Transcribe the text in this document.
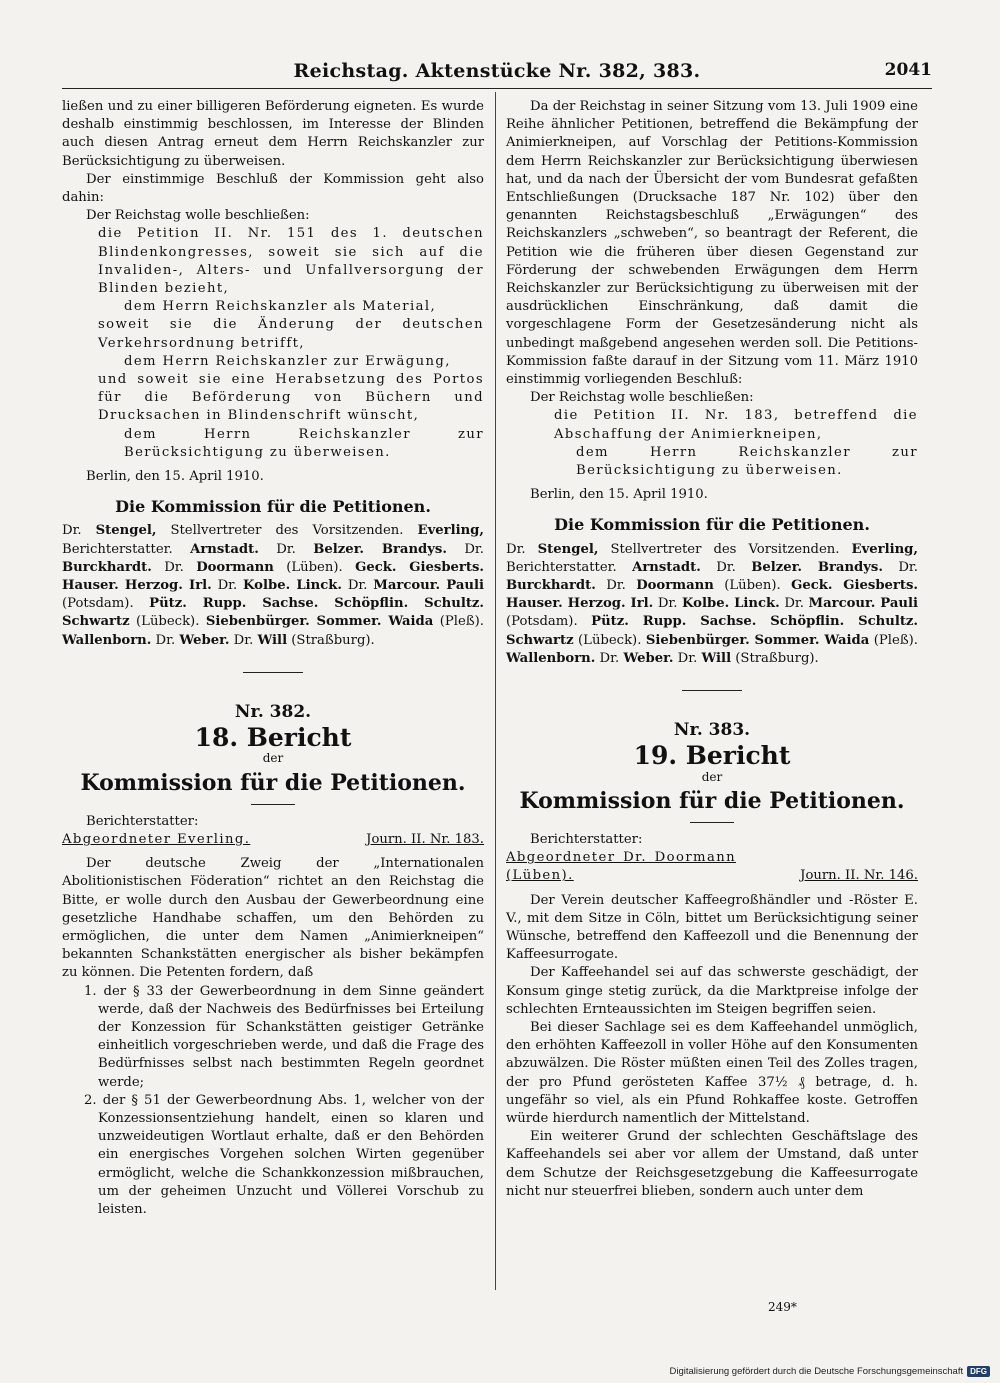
Reichstag. Aktenstücke Nr. 382, 383.	2041

ließen und zu einer billigeren Beförderung eigneten. Es wurde deshalb einstimmig beschlossen, im Interesse der Blinden auch diesen Antrag erneut dem Herrn Reichskanzler zur Berücksichtigung zu überweisen.

Der einstimmige Beschluß der Kommission geht also dahin:

Der Reichstag wolle beschließen:

die Petition II. Nr. 151 des 1. deutschen Blindenkongresses, soweit sie sich auf die Invaliden-, Alters- und Unfallversorgung der Blinden bezieht,

dem Herrn Reichskanzler als Material,

soweit sie die Änderung der deutschen Verkehrsordnung betrifft,

dem Herrn Reichskanzler zur Erwägung,

und soweit sie eine Herabsetzung des Portos für die Beförderung von Büchern und Drucksachen in Blindenschrift wünscht,

dem Herrn Reichskanzler zur Berücksichtigung zu überweisen.

Berlin, den 15. April 1910.

Die Kommission für die Petitionen.

Dr. Stengel, Stellvertreter des Vorsitzenden. Everling, Berichterstatter. Arnstadt. Dr. Belzer. Brandys. Dr. Burckhardt. Dr. Doormann (Lüben). Geck. Giesberts. Hauser. Herzog. Irl. Dr. Kolbe. Linck. Dr. Marcour. Pauli (Potsdam). Pütz. Rupp. Sachse. Schöpflin. Schultz. Schwartz (Lübeck). Siebenbürger. Sommer. Waida (Pleß). Wallenborn. Dr. Weber. Dr. Will (Straßburg).

Nr. 382.
18. Bericht
der
Kommission für die Petitionen.

Berichterstatter:

Abgeordneter Everling.	Journ. II. Nr. 183.

Der deutsche Zweig der „Internationalen Abolitionistischen Föderation“ richtet an den Reichstag die Bitte, er wolle durch den Ausbau der Gewerbeordnung eine gesetzliche Handhabe schaffen, um den Behörden zu ermöglichen, die unter dem Namen „Animierkneipen“ bekannten Schankstätten energischer als bisher bekämpfen zu können. Die Petenten fordern, daß

1. der § 33 der Gewerbeordnung in dem Sinne geändert werde, daß der Nachweis des Bedürfnisses bei Erteilung der Konzession für Schankstätten geistiger Getränke einheitlich vorgeschrieben werde, und daß die Frage des Bedürfnisses selbst nach bestimmten Regeln geordnet werde;

2. der § 51 der Gewerbeordnung Abs. 1, welcher von der Konzessionsentziehung handelt, einen so klaren und unzweideutigen Wortlaut erhalte, daß er den Behörden ein energisches Vorgehen solchen Wirten gegenüber ermöglicht, welche die Schankkonzession mißbrauchen, um der geheimen Unzucht und Völlerei Vorschub zu leisten.

Da der Reichstag in seiner Sitzung vom 13. Juli 1909 eine Reihe ähnlicher Petitionen, betreffend die Bekämpfung der Animierkneipen, auf Vorschlag der Petitions-Kommission dem Herrn Reichskanzler zur Berücksichtigung überwiesen hat, und da nach der Übersicht der vom Bundesrat gefaßten Entschließungen (Drucksache 187 Nr. 102) über den genannten Reichstagsbeschluß „Erwägungen“ des Reichskanzlers „schweben“, so beantragt der Referent, die Petition wie die früheren über diesen Gegenstand zur Förderung der schwebenden Erwägungen dem Herrn Reichskanzler zur Berücksichtigung zu überweisen mit der ausdrücklichen Einschränkung, daß damit die vorgeschlagene Form der Gesetzesänderung nicht als unbedingt maßgebend angesehen werden soll. Die Petitions-Kommission faßte darauf in der Sitzung vom 11. März 1910 einstimmig vorliegenden Beschluß:

Der Reichstag wolle beschließen:

die Petition II. Nr. 183, betreffend die Abschaffung der Animierkneipen,

dem Herrn Reichskanzler zur Berücksichtigung zu überweisen.

Berlin, den 15. April 1910.

Die Kommission für die Petitionen.

Dr. Stengel, Stellvertreter des Vorsitzenden. Everling, Berichterstatter. Arnstadt. Dr. Belzer. Brandys. Dr. Burckhardt. Dr. Doormann (Lüben). Geck. Giesberts. Hauser. Herzog. Irl. Dr. Kolbe. Linck. Dr. Marcour. Pauli (Potsdam). Pütz. Rupp. Sachse. Schöpflin. Schultz. Schwartz (Lübeck). Siebenbürger. Sommer. Waida (Pleß). Wallenborn. Dr. Weber. Dr. Will (Straßburg).

Nr. 383.
19. Bericht
der
Kommission für die Petitionen.

Berichterstatter:

Abgeordneter Dr. Doormann (Lüben).	Journ. II. Nr. 146.

Der Verein deutscher Kaffeegroßhändler und -Röster E. V., mit dem Sitze in Cöln, bittet um Berücksichtigung seiner Wünsche, betreffend den Kaffeezoll und die Benennung der Kaffeesurrogate.

Der Kaffeehandel sei auf das schwerste geschädigt, der Konsum ginge stetig zurück, da die Marktpreise infolge der schlechten Ernteaussichten im Steigen begriffen seien.

Bei dieser Sachlage sei es dem Kaffeehandel unmöglich, den erhöhten Kaffeezoll in voller Höhe auf den Konsumenten abzuwälzen. Die Röster müßten einen Teil des Zolles tragen, der pro Pfund gerösteten Kaffee 37½ ₰ betrage, d. h. ungefähr so viel, als ein Pfund Rohkaffee koste. Getroffen würde hierdurch namentlich der Mittelstand.

Ein weiterer Grund der schlechten Geschäftslage des Kaffeehandels sei aber vor allem der Umstand, daß unter dem Schutze der Reichsgesetzgebung die Kaffeesurrogate nicht nur steuerfrei blieben, sondern auch unter dem

249*
Digitalisierung gefördert durch die Deutsche Forschungsgemeinschaft DFG
